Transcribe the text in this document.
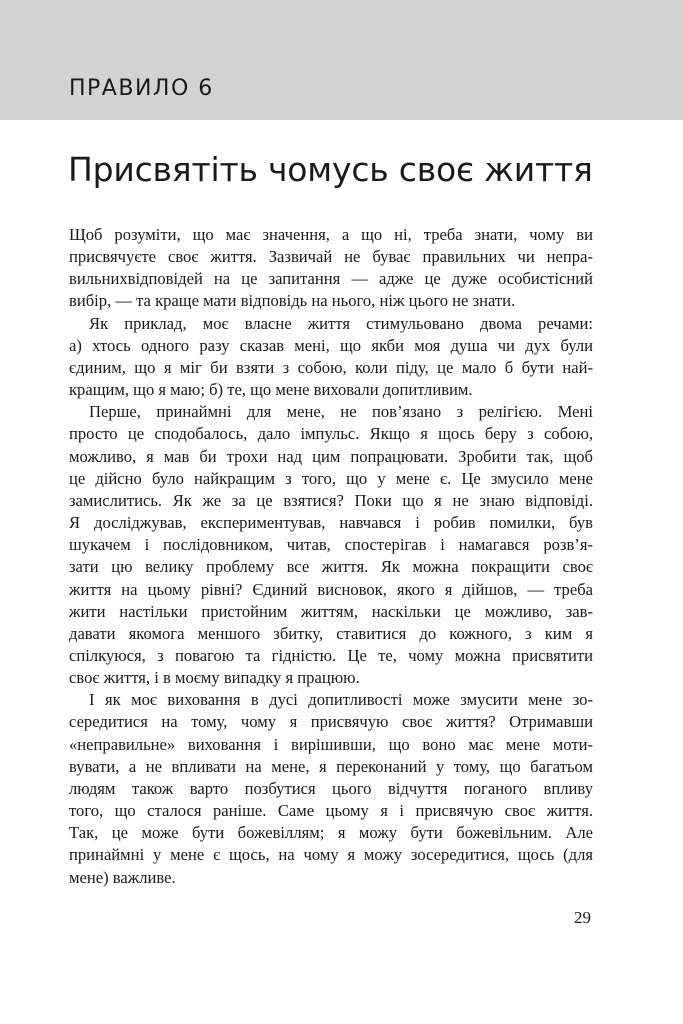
ПРАВИЛО 6
Присвятіть чомусь своє життя
Щоб розуміти, що має значення, а що ні, треба знати, чому ви
присвячуєте своє життя. Зазвичай не буває правильних чи непра-
вильнихвідповідей на це запитання — адже це дуже особистісний
вибір, — та краще мати відповідь на нього, ніж цього не знати.
Як приклад, моє власне життя стимульовано двома речами:
а) хтось одного разу сказав мені, що якби моя душа чи дух були
єдиним, що я міг би взяти з собою, коли піду, це мало б бути най-
кращим, що я маю; б) те, що мене виховали допитливим.
Перше, принаймні для мене, не пов’язано з релігією. Мені
просто це сподобалось, дало імпульс. Якщо я щось беру з собою,
можливо, я мав би трохи над цим попрацювати. Зробити так, щоб
це дійсно було найкращим з того, що у мене є. Це змусило мене
замислитись. Як же за це взятися? Поки що я не знаю відповіді.
Я досліджував, експериментував, навчався і робив помилки, був
шукачем і послідовником, читав, спостерігав і намагався розв’я-
зати цю велику проблему все життя. Як можна покращити своє
життя на цьому рівні? Єдиний висновок, якого я дійшов, — треба
жити настільки пристойним життям, наскільки це можливо, зав-
давати якомога меншого збитку, ставитися до кожного, з ким я
спілкуюся, з повагою та гідністю. Це те, чому можна присвятити
своє життя, і в моєму випадку я працюю.
І як моє виховання в дусі допитливості може змусити мене зо-
середитися на тому, чому я присвячую своє життя? Отримавши
«неправильне» виховання і вирішивши, що воно має мене моти-
вувати, а не впливати на мене, я переконаний у тому, що багатьом
людям також варто позбутися цього відчуття поганого впливу
того, що сталося раніше. Саме цьому я і присвячую своє життя.
Так, це може бути божевіллям; я можу бути божевільним. Але
принаймні у мене є щось, на чому я можу зосередитися, щось (для
мене) важливе.
29
